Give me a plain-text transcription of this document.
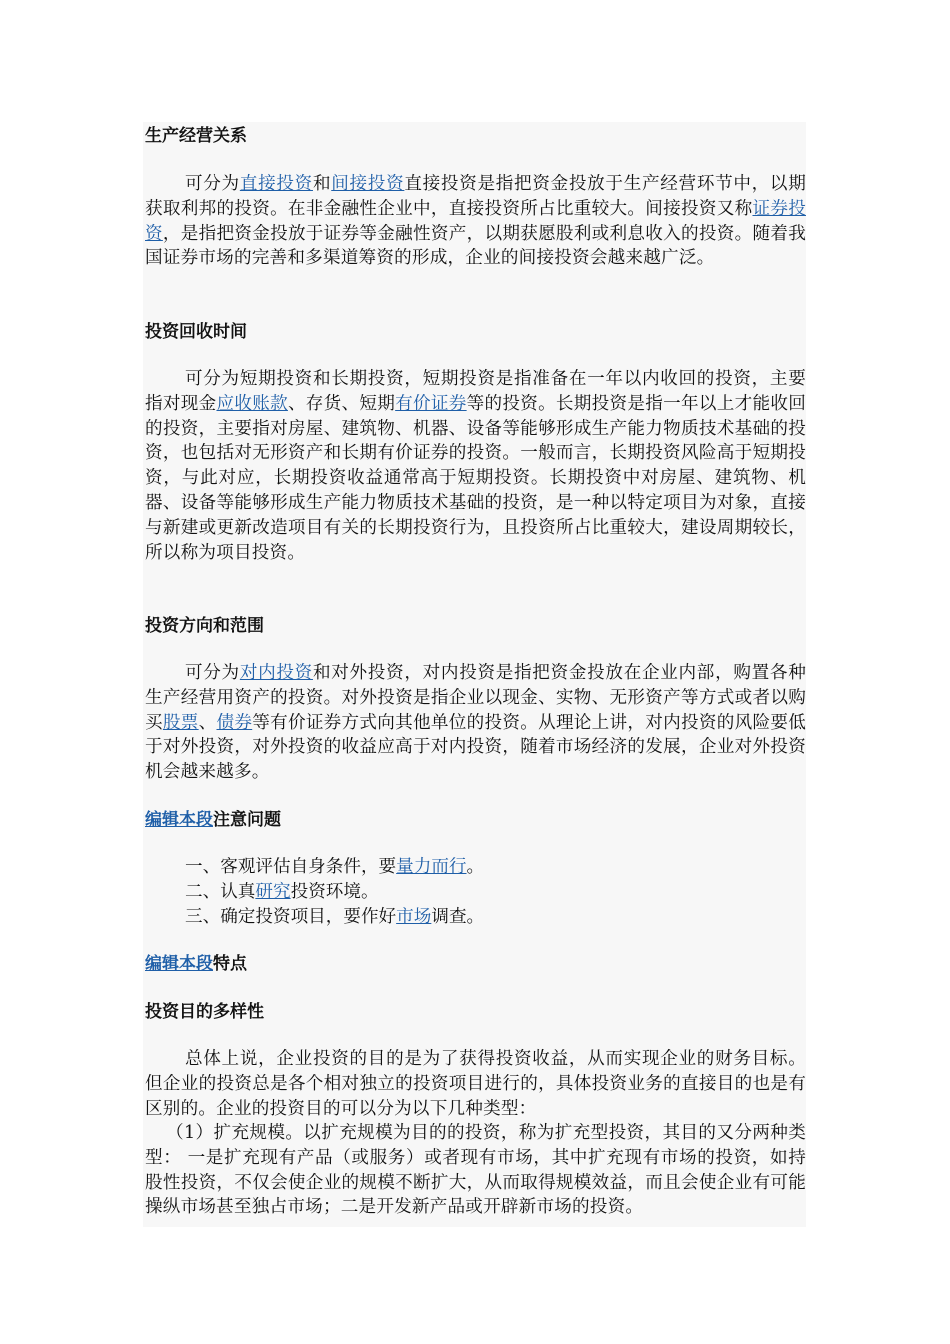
生产经营关系
可分为直接投资和间接投资直接投资是指把资金投放于生产经营环节中，以期获取利邦的投资。在非金融性企业中，直接投资所占比重较大。间接投资又称证券投资，是指把资金投放于证券等金融性资产，以期获愿股利或利息收入的投资。随着我国证券市场的完善和多渠道筹资的形成，企业的间接投资会越来越广泛。
投资回收时间
可分为短期投资和长期投资，短期投资是指准备在一年以内收回的投资，主要指对现金应收账款、存货、短期有价证券等的投资。长期投资是指一年以上才能收回的投资，主要指对房屋、建筑物、机器、设备等能够形成生产能力物质技术基础的投资，也包括对无形资产和长期有价证券的投资。一般而言，长期投资风险高于短期投资，与此对应，长期投资收益通常高于短期投资。长期投资中对房屋、建筑物、机器、设备等能够形成生产能力物质技术基础的投资，是一种以特定项目为对象，直接与新建或更新改造项目有关的长期投资行为，且投资所占比重较大，建设周期较长，所以称为项目投资。
投资方向和范围
可分为对内投资和对外投资，对内投资是指把资金投放在企业内部，购置各种生产经营用资产的投资。对外投资是指企业以现金、实物、无形资产等方式或者以购买股票、债券等有价证券方式向其他单位的投资。从理论上讲，对内投资的风险要低于对外投资，对外投资的收益应高于对内投资，随着市场经济的发展，企业对外投资机会越来越多。
编辑本段注意问题
一、客观评估自身条件，要量力而行。
二、认真研究投资环境。
三、确定投资项目，要作好市场调查。
编辑本段特点
投资目的多样性
总体上说，企业投资的目的是为了获得投资收益，从而实现企业的财务目标。但企业的投资总是各个相对独立的投资项目进行的，具体投资业务的直接目的也是有区别的。企业的投资目的可以分为以下几种类型：
（1）扩充规模。以扩充规模为目的的投资，称为扩充型投资，其目的又分两种类型： 一是扩充现有产品（或服务）或者现有市场，其中扩充现有市场的投资，如持股性投资，不仅会使企业的规模不断扩大，从而取得规模效益，而且会使企业有可能操纵市场甚至独占市场；二是开发新产品或开辟新市场的投资。
